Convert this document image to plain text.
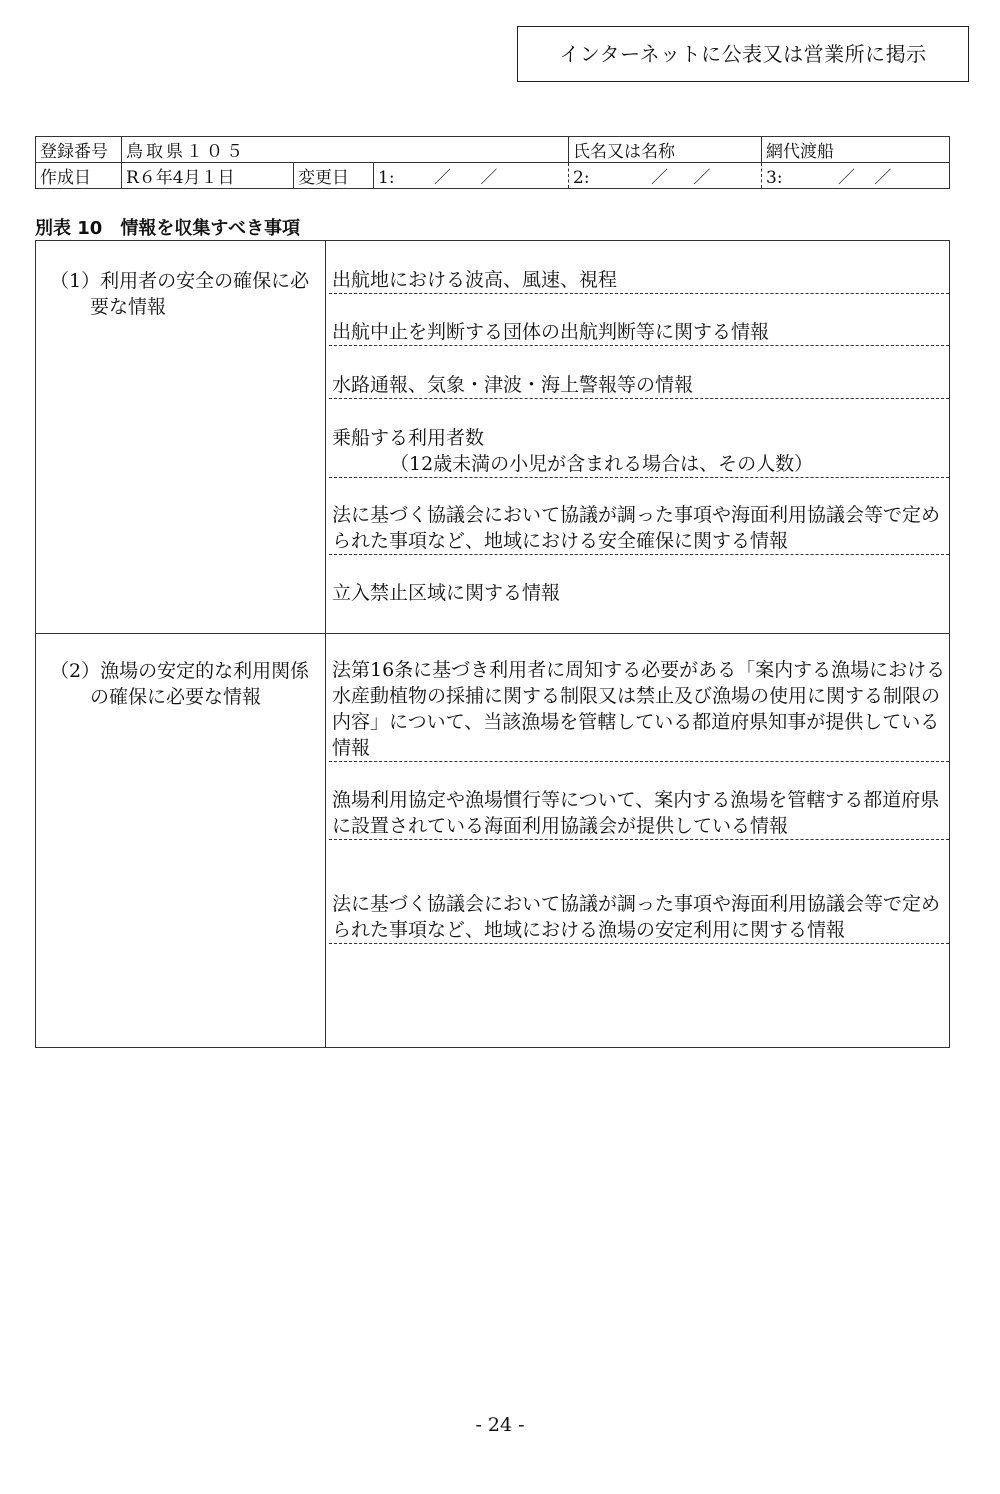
インターネットに公表又は営業所に掲示
登録番号	鳥取県１０５			氏名又は名称	網代渡船
作成日	R６年4月１日	変更日	1: ／ ／	2: ／ ／	3: ／ ／
別表 10　情報を収集すべき事項
（1）利用者の安全の確保に必要な情報
出航地における波高、風速、視程
出航中止を判断する団体の出航判断等に関する情報
水路通報、気象・津波・海上警報等の情報
乗船する利用者数
（12歳未満の小児が含まれる場合は、その人数）
法に基づく協議会において協議が調った事項や海面利用協議会等で定められた事項など、地域における安全確保に関する情報
立入禁止区域に関する情報
（2）漁場の安定的な利用関係の確保に必要な情報
法第16条に基づき利用者に周知する必要がある「案内する漁場における水産動植物の採捕に関する制限又は禁止及び漁場の使用に関する制限の内容」について、当該漁場を管轄している都道府県知事が提供している情報
漁場利用協定や漁場慣行等について、案内する漁場を管轄する都道府県に設置されている海面利用協議会が提供している情報
法に基づく協議会において協議が調った事項や海面利用協議会等で定められた事項など、地域における漁場の安定利用に関する情報
- 24 -
